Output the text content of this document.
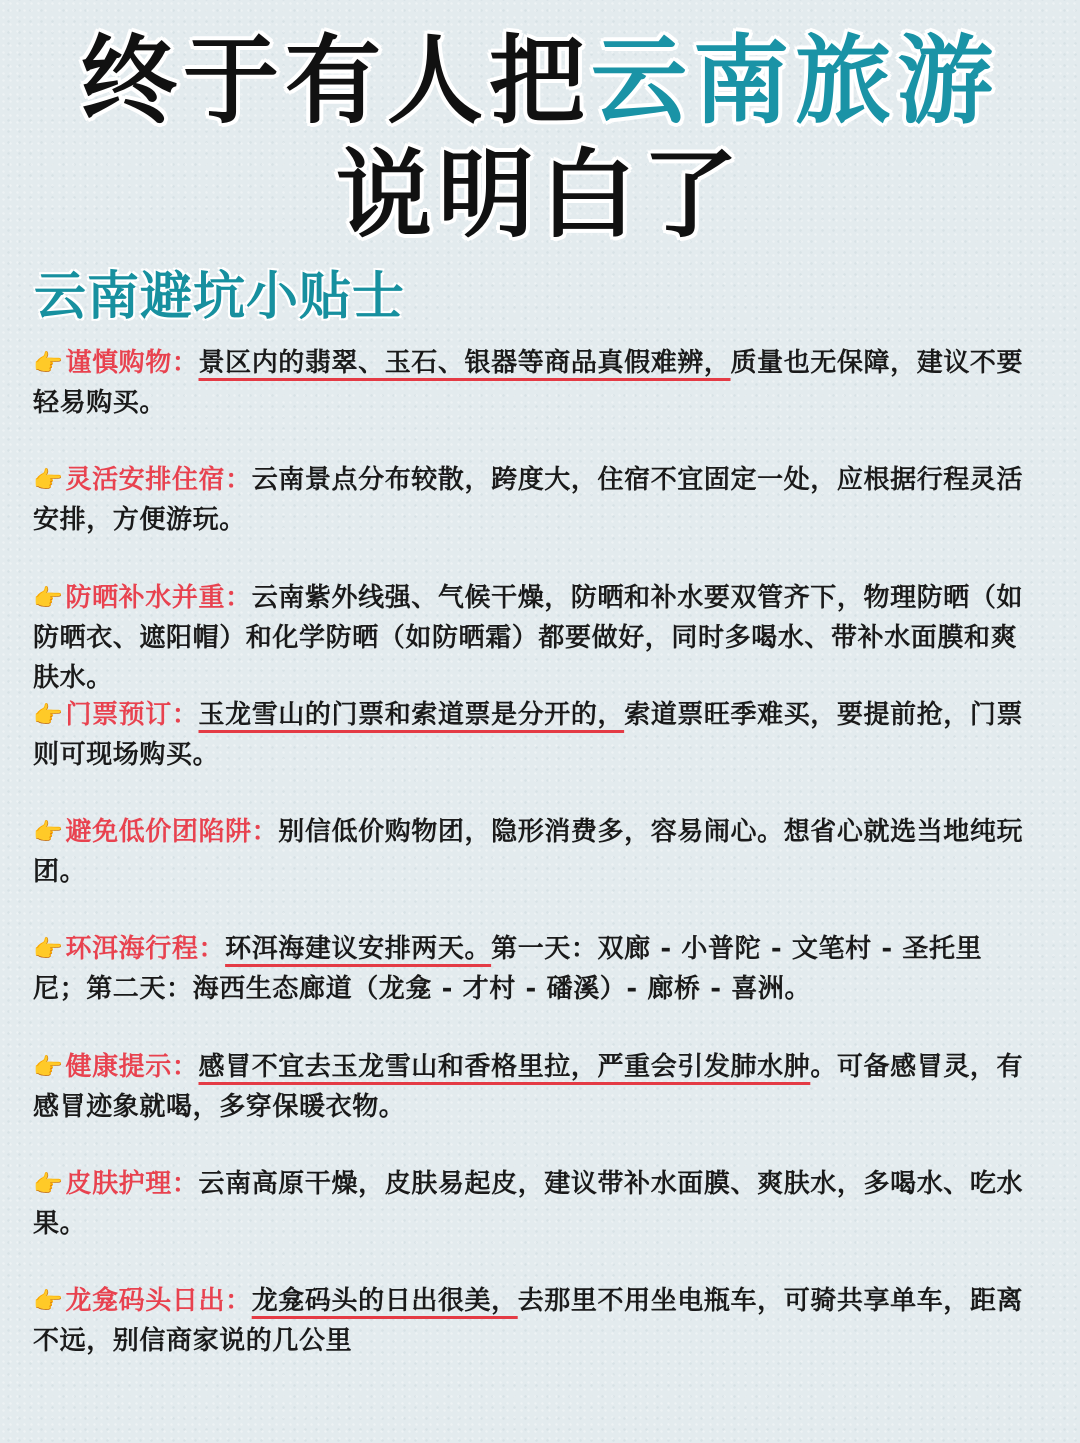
终于有人把云南旅游
说明白了
云南避坑小贴士
👉谨慎购物：景区内的翡翠、玉石、银器等商品真假难辨，质量也无保障，建议不要轻易购买。
👉灵活安排住宿：云南景点分布较散，跨度大，住宿不宜固定一处，应根据行程灵活安排，方便游玩。
👉防晒补水并重：云南紫外线强、气候干燥，防晒和补水要双管齐下，物理防晒（如防晒衣、遮阳帽）和化学防晒（如防晒霜）都要做好，同时多喝水、带补水面膜和爽肤水。
👉门票预订：玉龙雪山的门票和索道票是分开的，索道票旺季难买，要提前抢，门票则可现场购买。
👉避免低价团陷阱：别信低价购物团，隐形消费多，容易闹心。想省心就选当地纯玩团。
👉环洱海行程：环洱海建议安排两天。第一天：双廊 - 小普陀 - 文笔村 - 圣托里尼；第二天：海西生态廊道（龙龛 - 才村 - 磻溪）- 廊桥 - 喜洲。
👉健康提示：感冒不宜去玉龙雪山和香格里拉，严重会引发肺水肿。可备感冒灵，有感冒迹象就喝，多穿保暖衣物。
👉皮肤护理：云南高原干燥，皮肤易起皮，建议带补水面膜、爽肤水，多喝水、吃水果。
👉龙龛码头日出：龙龛码头的日出很美，去那里不用坐电瓶车，可骑共享单车，距离不远，别信商家说的几公里
